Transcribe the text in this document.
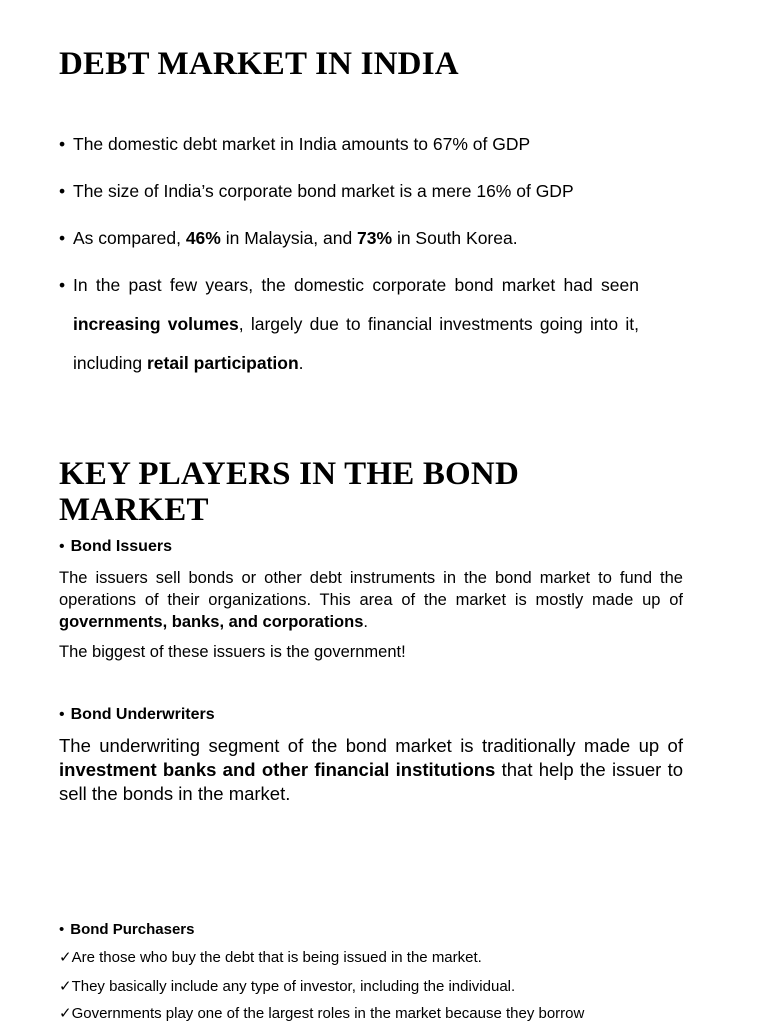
DEBT MARKET IN INDIA
• The domestic debt market in India amounts to 67% of GDP
• The size of India’s corporate bond market is a mere 16% of GDP
• As compared, 46% in Malaysia, and 73% in South Korea.
• In the past few years, the domestic corporate bond market had seen increasing volumes, largely due to financial investments going into it, including retail participation.
KEY PLAYERS IN THE BOND
MARKET
• Bond Issuers
The issuers sell bonds or other debt instruments in the bond market to fund the operations of their organizations. This area of the market is mostly made up of governments, banks, and corporations.
The biggest of these issuers is the government!
• Bond Underwriters
The underwriting segment of the bond market is traditionally made up of investment banks and other financial institutions that help the issuer to sell the bonds in the market.
• Bond Purchasers
✓Are those who buy the debt that is being issued in the market.
✓They basically include any type of investor, including the individual.
✓Governments play one of the largest roles in the market because they borrow
